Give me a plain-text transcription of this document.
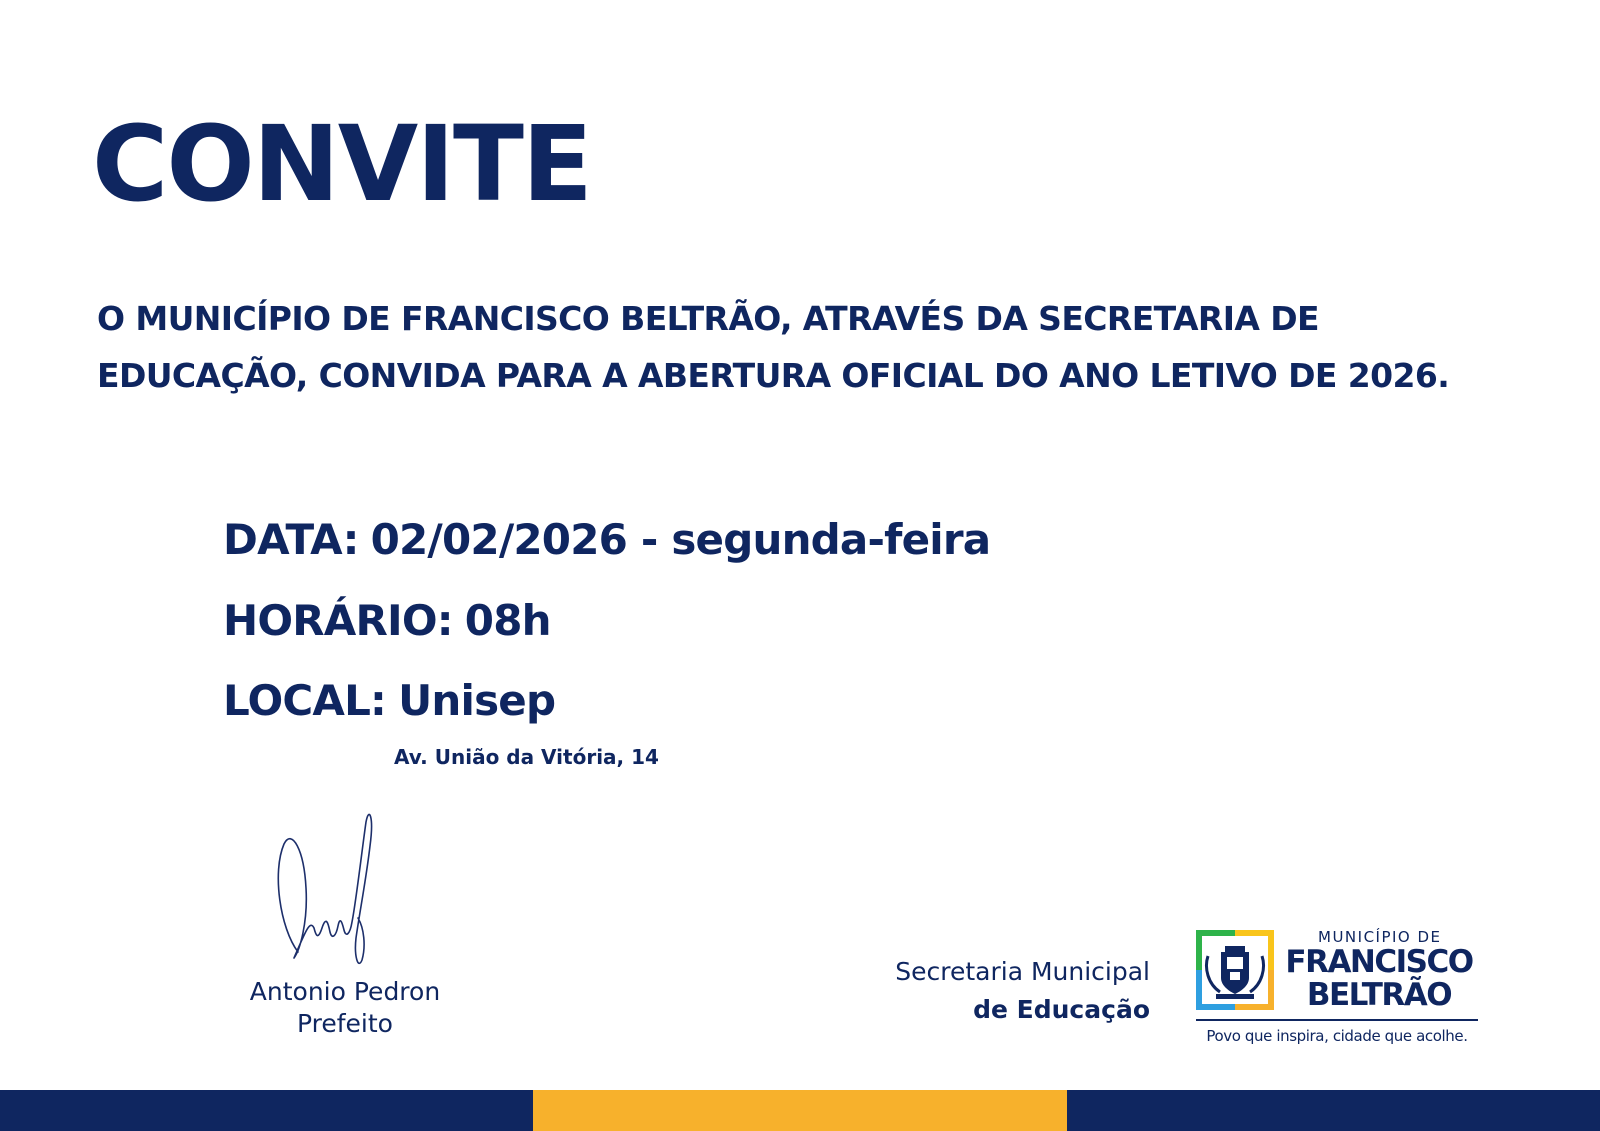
CONVITE
O MUNICÍPIO DE FRANCISCO BELTRÃO, ATRAVÉS DA SECRETARIA DE
EDUCAÇÃO, CONVIDA PARA A ABERTURA OFICIAL DO ANO LETIVO DE 2026.
DATA: 02/02/2026 - segunda-feira
HORÁRIO: 08h
LOCAL: Unisep
Av. União da Vitória, 14
Antonio Pedron
Prefeito
Secretaria Municipal
de Educação
MUNICÍPIO DE
FRANCISCO
BELTRÃO
Povo que inspira, cidade que acolhe.
